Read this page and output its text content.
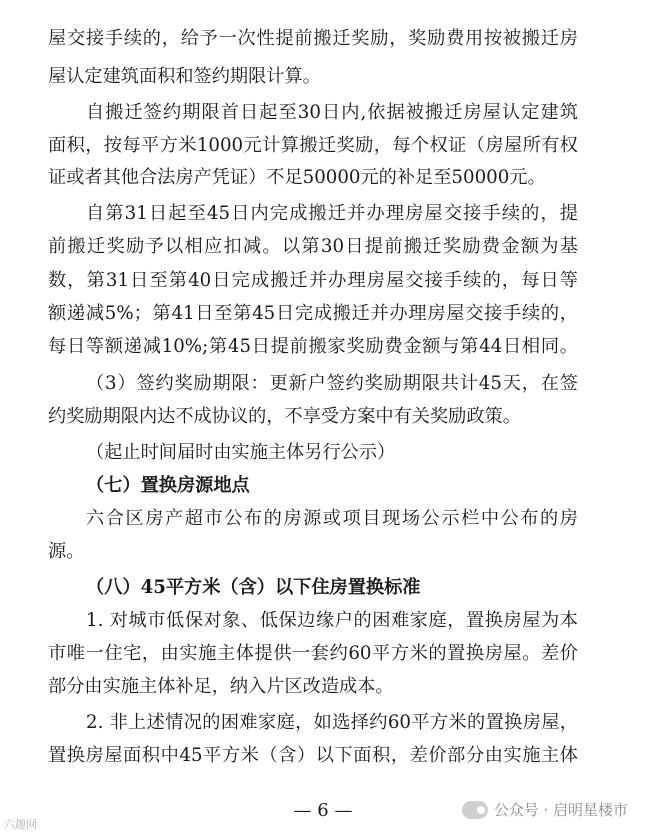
屋交接手续的，给予一次性提前搬迁奖励，奖励费用按被搬迁房
屋认定建筑面积和签约期限计算。
自搬迁签约期限首日起至30日内,依据被搬迁房屋认定建筑
面积，按每平方米1000元计算搬迁奖励，每个权证（房屋所有权
证或者其他合法房产凭证）不足50000元的补足至50000元。
自第31日起至45日内完成搬迁并办理房屋交接手续的，提
前搬迁奖励予以相应扣减。以第30日提前搬迁奖励费金额为基
数，第31日至第40日完成搬迁并办理房屋交接手续的，每日等
额递减5%；第41日至第45日完成搬迁并办理房屋交接手续的，
每日等额递减10%;第45日提前搬家奖励费金额与第44日相同。
（3）签约奖励期限：更新户签约奖励期限共计45天，在签
约奖励期限内达不成协议的，不享受方案中有关奖励政策。
（起止时间届时由实施主体另行公示）
（七）置换房源地点
六合区房产超市公布的房源或项目现场公示栏中公布的房
源。
（八）45平方米（含）以下住房置换标准
1. 对城市低保对象、低保边缘户的困难家庭，置换房屋为本
市唯一住宅，由实施主体提供一套约60平方米的置换房屋。差价
部分由实施主体补足，纳入片区改造成本。
2. 非上述情况的困难家庭，如选择约60平方米的置换房屋，
置换房屋面积中45平方米（含）以下面积，差价部分由实施主体
— 6 —	公众号 · 启明星楼市
六趣网
